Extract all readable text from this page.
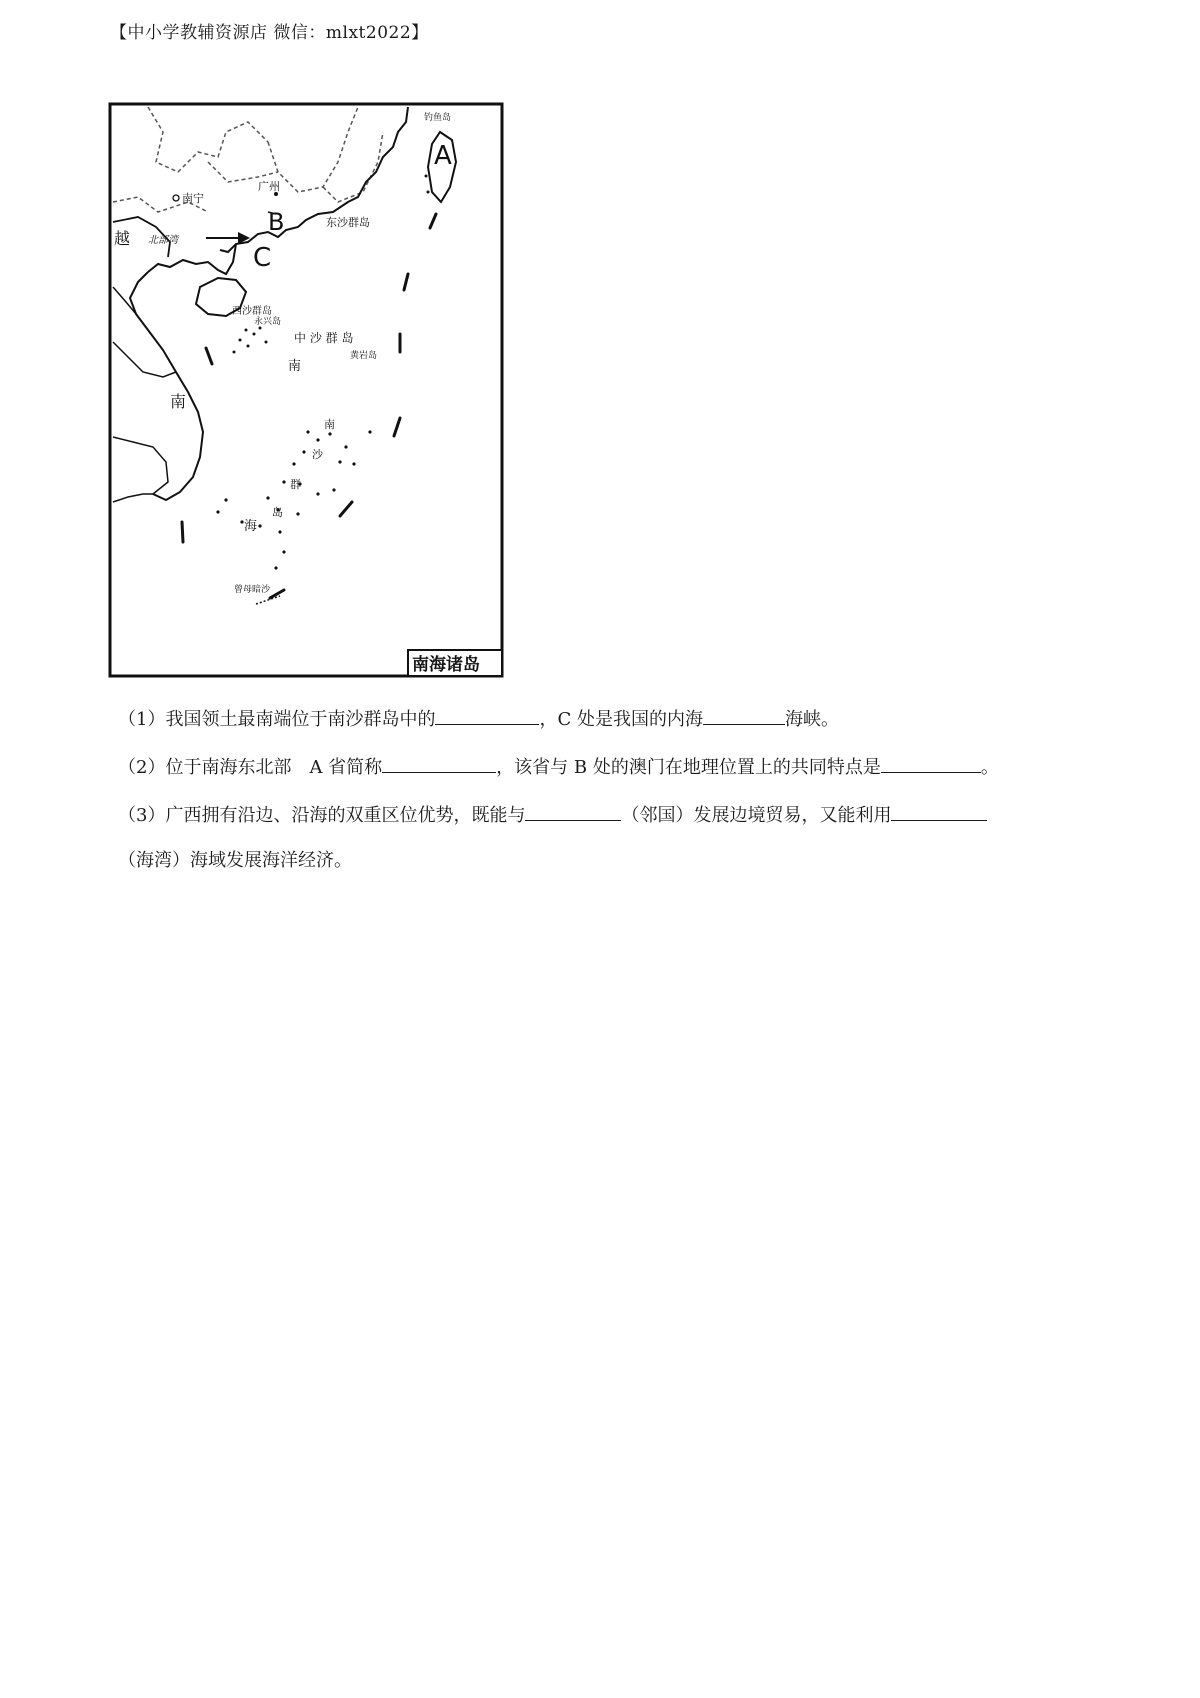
【中小学教辅资源店 微信：mlxt2022】
钓鱼岛
A
广州
南宁
B	东沙群岛
越 北部湾
C
西沙群岛
永兴岛
中 沙 群 岛
黄岩岛
南
南
南
沙
群
岛
海
曾母暗沙
南海诸岛
（1）我国领土最南端位于南沙群岛中的	，C 处是我国的内海	海峡。
（2）位于南海东北部　A 省简称	，该省与 B 处的澳门在地理位置上的共同特点是	。
（3）广西拥有沿边、沿海的双重区位优势，既能与	（邻国）发展边境贸易，又能利用
（海湾）海域发展海洋经济。
